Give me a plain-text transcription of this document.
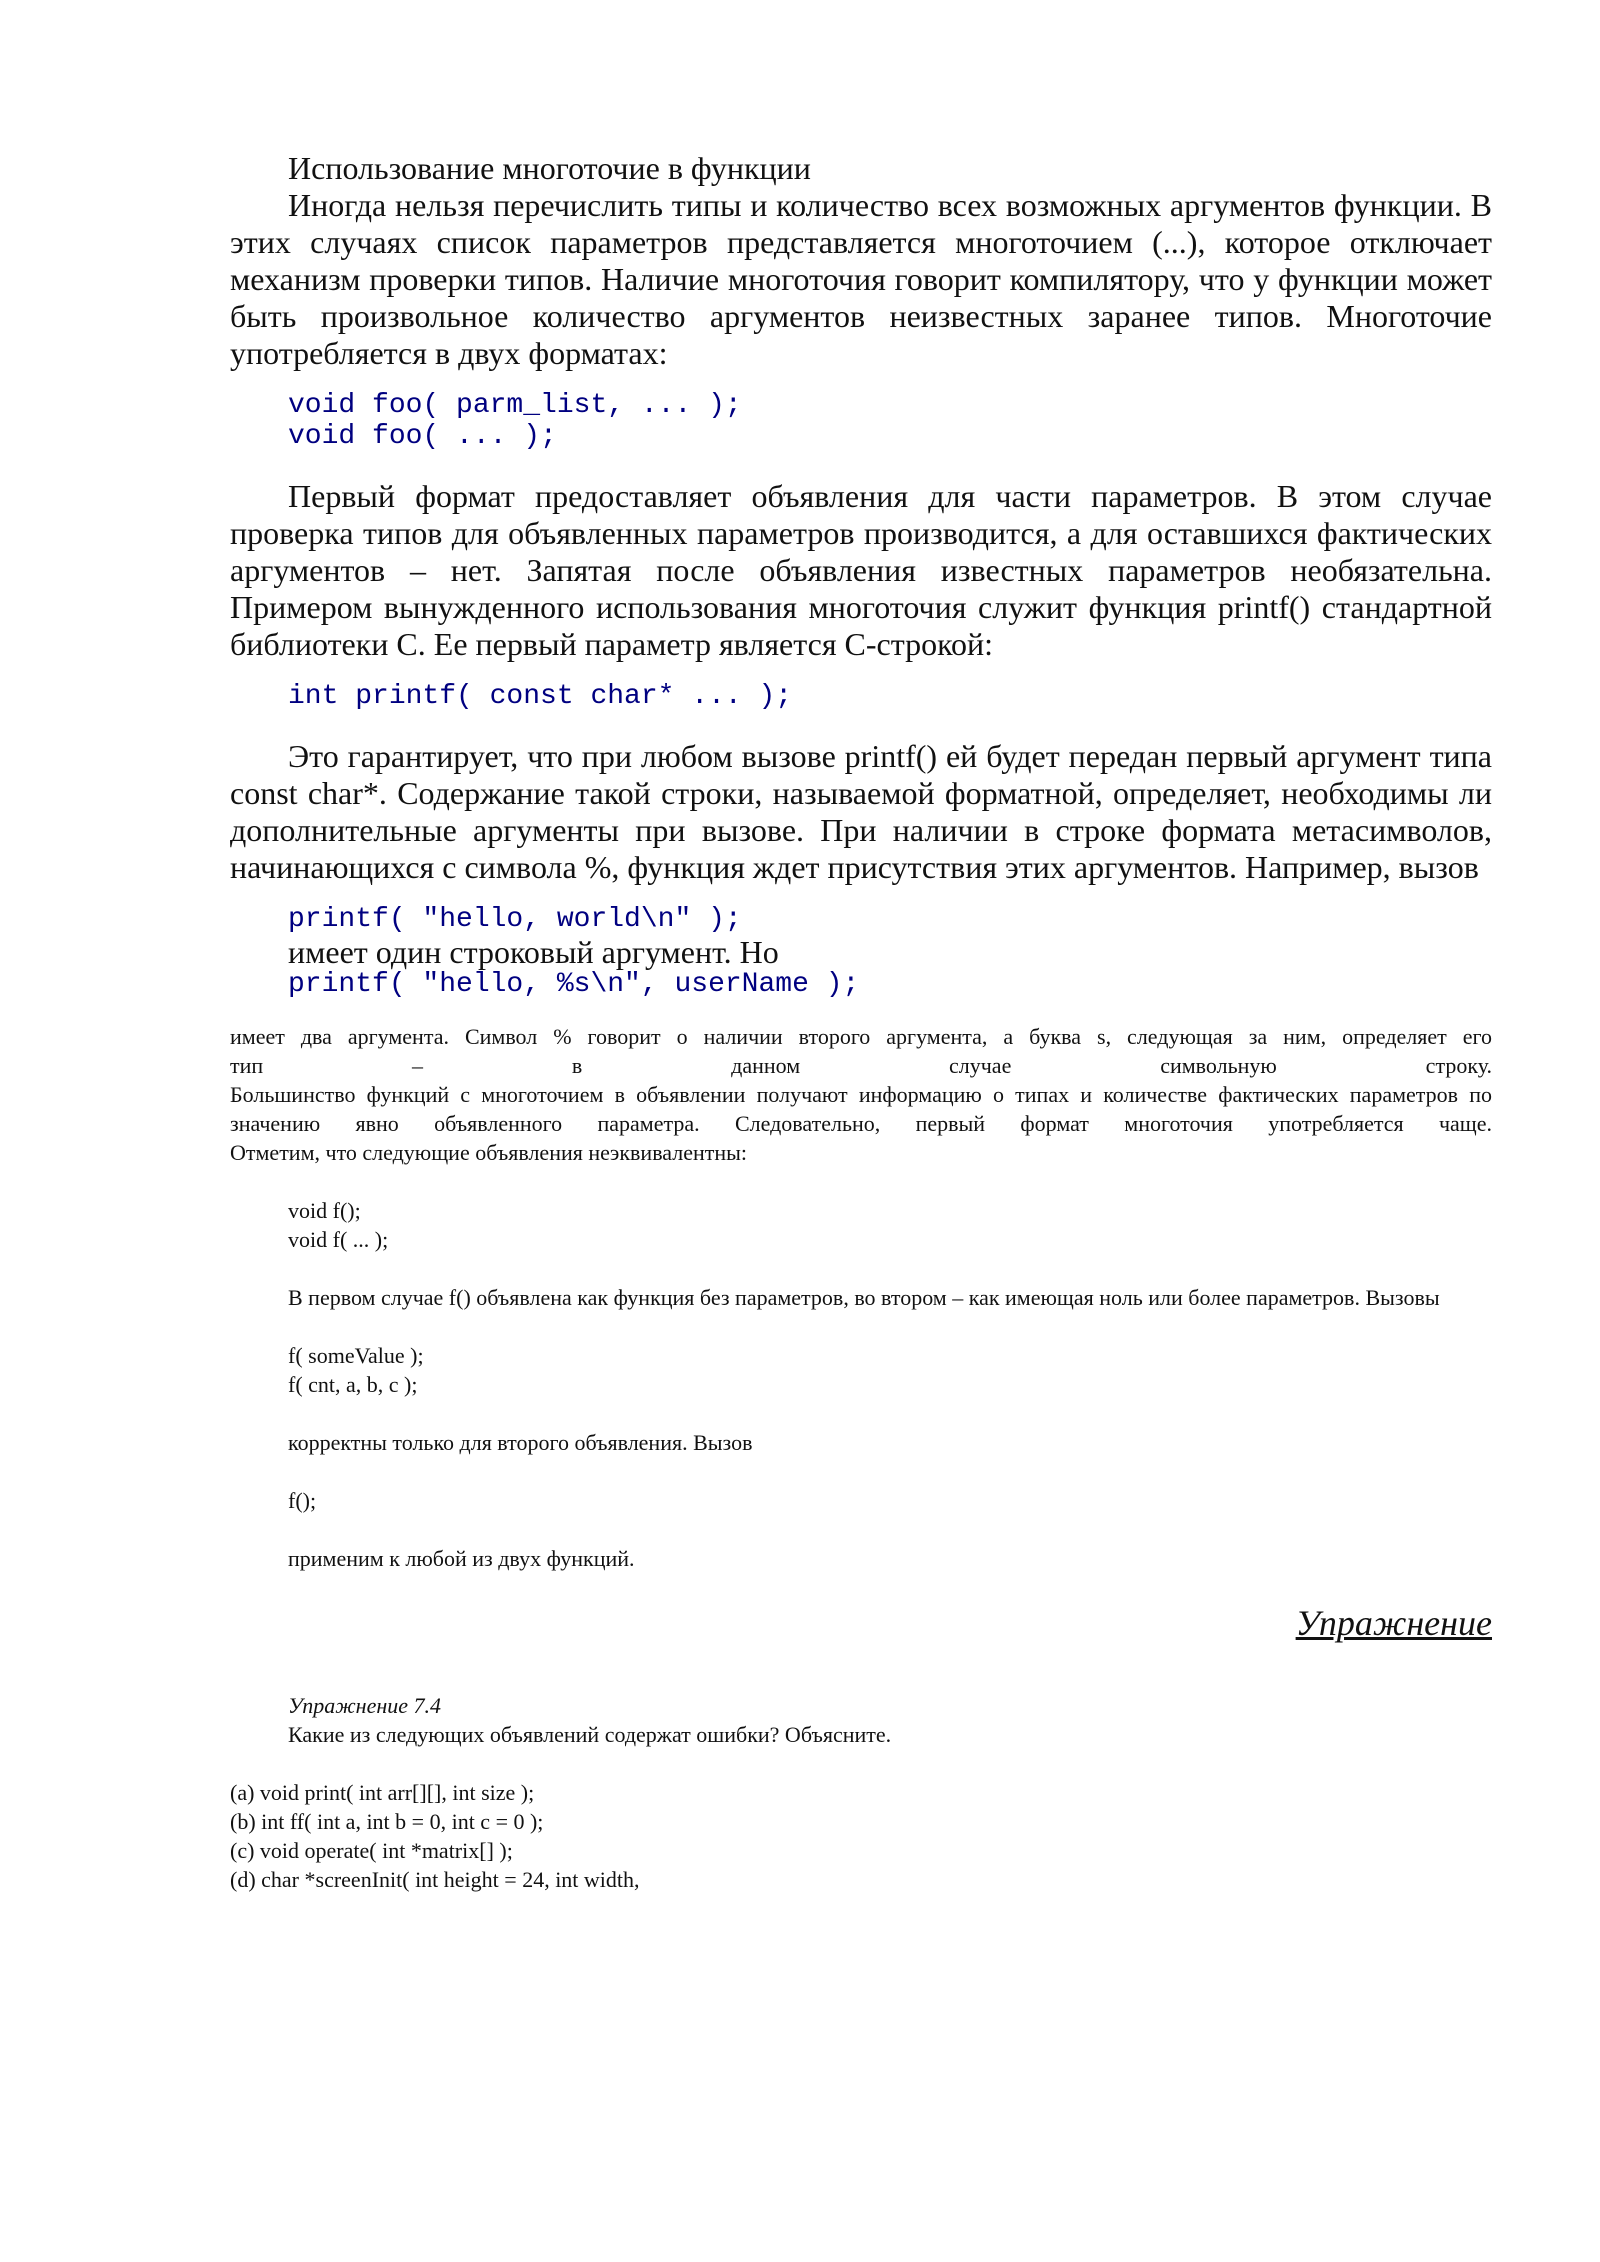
Использование многоточие в функции

Иногда нельзя перечислить типы и количество всех возможных аргументов функции. В этих случаях список параметров представляется многоточием (...), которое отключает механизм проверки типов. Наличие многоточия говорит компилятору, что у функции может быть произвольное количество аргументов неизвестных заранее типов. Многоточие употребляется в двух форматах:

void foo( parm_list, ... );
void foo( ... );

Первый формат предоставляет объявления для части параметров. В этом случае проверка типов для объявленных параметров производится, а для оставшихся фактических аргументов – нет. Запятая после объявления известных параметров необязательна. Примером вынужденного использования многоточия служит функция printf() стандартной библиотеки С. Ее первый параметр является C-строкой:

int printf( const char* ... );

Это гарантирует, что при любом вызове printf() ей будет передан первый аргумент типа const char*. Содержание такой строки, называемой форматной, определяет, необходимы ли дополнительные аргументы при вызове. При наличии в строке формата метасимволов, начинающихся с символа %, функция ждет присутствия этих аргументов. Например, вызов

printf( "hello, world\n" );
имеет один строковый аргумент. Но
printf( "hello, %s\n", userName );

имеет два аргумента. Символ % говорит о наличии второго аргумента, а буква s, следующая за ним, определяет его

тип – в данном случае символьную строку.

Большинство функций с многоточием в объявлении получают информацию о типах и количестве фактических параметров по значению явно объявленного параметра. Следовательно, первый формат многоточия употребляется чаще.

Отметим, что следующие объявления неэквивалентны:

void f();
void f( ... );

В первом случае f() объявлена как функция без параметров, во втором – как имеющая ноль или более параметров. Вызовы

f( someValue );
f( cnt, a, b, c );
корректны только для второго объявления. Вызов
f();
применим к любой из двух функций.
Упражнение
Упражнение 7.4
Какие из следующих объявлений содержат ошибки? Объясните.
(a) void print( int arr[][], int size );
(b) int ff( int a, int b = 0, int c = 0 );
(c) void operate( int *matrix[] );
(d) char *screenInit( int height = 24, int width,
